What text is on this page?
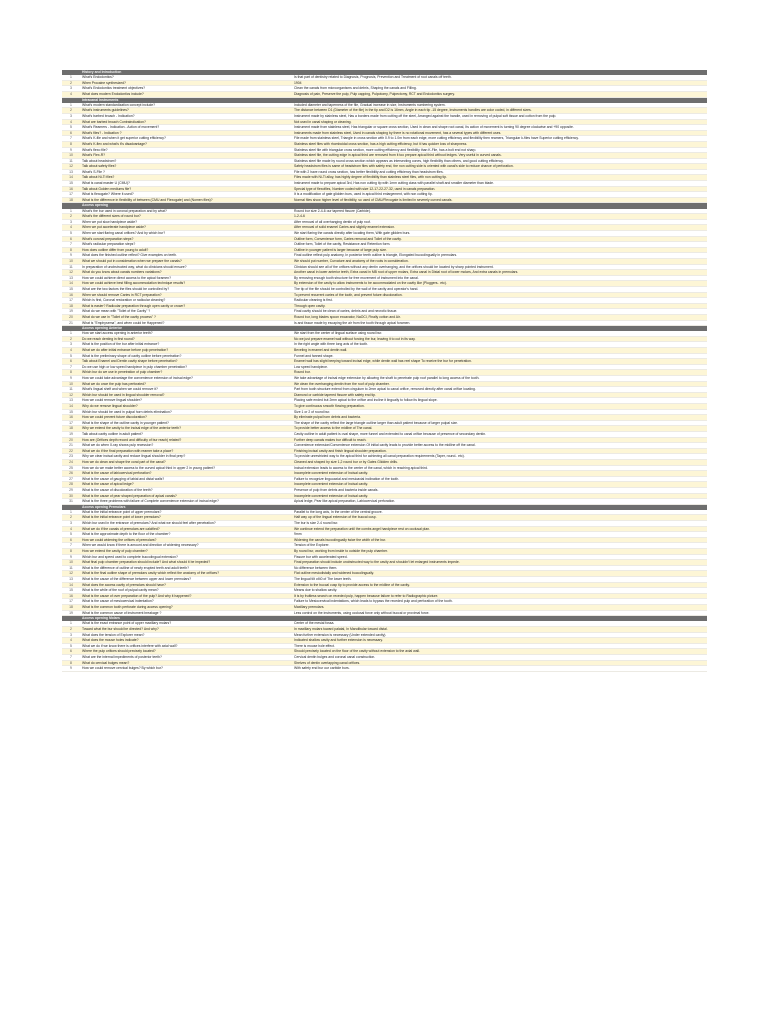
History and Introduction
1	What's Endodontics?	Is that part of dentistry related to Diagnosis, Prognosis, Prevention and Treatment of root canals off teeth.
2	When Procaine synthesized?	1904
3	What's Endodontics treatment objectives?	Clean the canals from microorganisms and debris, Shaping the canals and Filling.
4	What does modern Endodontics include?	Diagnosis of pain, Preserve the pulp, Pulp capping, Pulpotomy, Pulpectomy, RCT and Endodontics surgery.
Intracanal Instruments
1	What's modern standardization concept include?	Included diameter and taperness of the file, Gradual increase in size, Instruments numbering system.
2	What's instruments guidelines?	The distance between D1 (Diameter of the file) in the tip and D2 is 16mm, Angle in each tip -15 degree, Instruments handles are color coded, in different sizes.
3	What's barbed broach - Indication?	Instrument made by stainless steel, Has a borders made from cutting off the steel, Arranged against the handle, used in removing of pulpal soft tissue and cotton from the pulp.
4	What are barbed broach Contraindication?	Not used in canal shaping or cleaning.
5	What's Reamers - Indication - Action of movement?	Instrument made from stainless steel, Has triangular or square cross section, Used in clean and shape root canal, Its action of movement is turning 90 degree clockwise and +90 opposite.
6	What's files? - Indication ?	Instruments made from stainless steel, Used in canals shaping by there is no rotational movement, has a several types with different uses.
7	What's K-file and when it get superior cutting efficiency?	File made from stainless steel, Triangle in cross section with 0.9 to 1.0m from each edge, more cutting efficiency and flexibility then reamers, Triangular k-files have Superior cutting efficiency.
8	What's K-flex and what's it's disadvantage?	Stainless steel files with rhomboidal cross section, has a high cutting efficiency, but it has quicker loss of sharpness.
9	What's flexo file?	Stainless steel file with triangular cross section, more cutting efficiency and flexibility than K-File, has a bolt end not sharp.
10	What's Flex-R?	Stainless steel file, the cutting edge in apical third are removed from it too prepare apical third without ledges. Very useful in curved canals.
11	Talk about headstrom?	Stainless steel file made by round cross section which appears as intersecting cones, high flexibility than others, and good cutting efficiency.
12	Talk about safety files?	Safety headstrom files is same of headstrom files with safety end, the non cutting side is oriented with canal's side to reduce chance of perforation.
13	What's S-File ?	File with 2 have round cross section, has better flexibility and cutting efficiency than headstrom files.
14	Talk about Ni-Ti files?	Files made with Ni-Ti alloy, has highly degree of flexibility than stainless steel files, with non cutting tip.
15	What is canal master U (CMU)?	Instrument made to prepare apical 3rd, Has non cutting tip with 1mm cutting class with parallel shaft and smaller diameter than blade.
16	Talk about Golden mediums file?	Special type of flexofiles, Number coded with size 12-17-22-27-32, used in canals preparation.
17	What is flexogate? Where it used?	It is a modification of gate glidden burs, used in apical third enlargement, with non cutting tip.
18	What is the difference in flexibility of between (CMU and Flexogate) and (Nomen files)?	Normal files show higher level of flexibility, so used of CMU/Flexogate is limited in severely curved canals.
Access opening
1	What's the bur used in coronal preparation and by what?	Round bur size 2-4-6 our tapered fissure (Carbide).
2	What's the different sizes of round bur?	1-2-4-6
3	When we put slow handpiece aside?	After removal of all overhanging dentin of pulp roof.
4	When we put accelerate handpiece aside?	After removal of solid enamel Caries and slightly enamel extension.
5	When we start flaring canal orifices? And by which bur?	We start flaring the canals directly after locating them, With gate glidden burs.
6	What's coronal preparation steps?	Outline form, Convenience form, Caries removal and Toilet of the cavity.
7	What's radicular preparation steps?	Outline form, Toilet of the cavity, Resistance and Retention form.
8	How does outline differ from young to adult?	Outline in younger patient is larger because of large pulp size.
9	What does the finished outline reflect? Give examples on teeth.	Final outline reflect pulp anatomy, In posterior teeth outline is triangle, Elongated buccolingually in premolars.
10	What we should put in consideration when we prepare the canals?	We should put number, Curvature and anatomy of the roots in consideration.
11	In preparation of unobstructed way, what do clinicians should ensure?	Clinician should see all of the orifices without any dentin overhanging, and the orifices should be located by sharp pointed instrument.
12	What do you know about canals numbers variations?	Another canal in lower anterior teeth, Extra canal in MB root of upper molars, Extra canal in Distal root of lower molars, And extra canals in premolars.
13	How we could achieve direct access to the apical foramen?	By removing enough tooth structure for free movement of instrument into the canal.
14	How we could achieve best filling accommodation technique results?	By extension of the cavity to allow instruments to be accommodated on the cavity like (Pluggers.. etc).
15	What are the two factors the files should be controlled by?	The tip of the file should be controlled by the wall of the cavity and operator's hand.
16	When we should remove Caries in RCT preparation?	To prevent recurrent caries of the tooth, and prevent future discoloration.
17	Which is first, Coronal restoration or radicular cleaning?	Radicular cleaning is first.
18	What is easier? Radicular preparation through open cavity or crown?	Through open cavity.
19	What do we mean with "Toilet of the Cavity" ?	Final cavity should be clean of caries, debris and and necrotic tissue.
20	What do we use in "Toilet of the cavity process" ?	Round bur, long blades spoon excavator, NaOCl, Finally cotton and Air.
21	What is "Emphysema", and when could be Happened?	Is and tissue made by escaping the air from the tooth through apical foramen.
Access opening Anterior
1	How we start access opening in anterior teeth?	We start from the center of lingual surface using round bur.
2	Do we reach denting in first round?	No we just prepare enamel wall without forcing the bur, leaving it to cut in its way.
3	What is the position of the bur after initial entrance?	In the right angle with three long axis of the tooth.
4	What we do after initial entrance before pulp penetration?	Beveling in enamel and dentin wall.
5	What is the preliminary shape of cavity outline before penetration?	Funnel and fanned shape.
6	Talk about Enamel and Dentin cavity shape before penetration?	Enamel wall has slight beeping toward incisal edge, while dentin wall has reel shape To receive the bur for penetration.
7	Do we use high or low speed handpiece in pulp chamber penetration?	Low speed handpiece.
8	Which bur do we use in penetration of pulp chamber?	Round bur.
9	How we could take advantage the convenience extension of incisal edge?	We take advantage of incisal edge extension by allowing the shaft to penetrate pulp roof parallel to long access of the tooth.
10	What we do once the pulp has perforated?	We clean the overhanging dentin from the roof of pulp chamber.
11	What's lingual shelf and when we could remove it?	Part from tooth structure extend from cingulum to 2mm apical to canal orifice, removed directly after canal orifice locating.
12	Which bur should be used in lingual shoulder removal?	Diamond or carbide tapered fissure with safety end tip.
13	How we could remove lingual shoulder?	Placing safe ended but 2mm apical to the orifice and incline it lingually to follow its lingual slope.
14	Why do we remove lingual shoulder?	To give continuous smooth flowing preparation.
15	Which bur should be used in pulpal horn debris elimination?	Size 1 or 2 of round bur.
16	How we could prevent future discoloration?	By eliminate pulpal horn debris and bacteria.
17	What is the shape of the outline cavity in younger patient?	The shape of the cavity reflect the large triangle outline larger than adult patient because of larger pulpal size.
18	Why we extend the cavity to the incisal edge of the anterior teeth?	To provide better access to the midline of The canal.
19	Talk about cavity outline in adult patient?	Cavity outline in adult patient is oval shape, more funnel and extended to canal orifice because of presence of secondary dentin.
20	How are (Orifices depth record and difficulty of bur reach) related?	Further deep canals makes bur difficult to reach.
21	What we do when X-ray shows pulp recession?	Convenience extension/Convenience extension Of initial cavity leads to provide better access to the midline off the canal.
22	What we do if the final preparation with reamer take a place?	Finishing incisal cavity and finish lingual shoulder preparation.
23	Why we clear incisal cavity and reduce lingual shoulder in final prep?	To provide unrestricted way to the apical third for achieving all canal preparation requirements (Taper, round.. etc).
24	How we do clean and shape the coral part of the canal?	Cleaned and shaped by size 1,2 round bur or by Gates Glidden drills.
25	How we do we make better access to the curved apical third in upper 2 in young patient?	Incisal extension leads to access to the center of the canal, which in reaching apical third.
26	What is the cause of labiocervical perforation?	Incomplete convenient extension of Incisal cavity.
27	What is the cause of gauging of labial and distal walls?	Failure to recognize linguoaxial and mesioaxial inclination of the tooth.
28	What is the cause of apical ledge?	Incomplete convenient extension of Incisal cavity.
29	What is the cause of discoloration of the teeth?	Presence of pulp from debris and bacteria inside canals.
30	What is the cause of pear shaped preparation of apical canals?	Incomplete convenient extension of Incisal cavity.
31	What is the three problems with failure of Complete convenience extension of incisal edge?	Apical ledge, Pear like apical preparation, Labiocervical perforation.
Access opening Premolars
1	What is the initial entrance point of upper premolars?	Parallel to the long axis, In the center of the central groove.
2	What is the initial entrance point of lower premolars?	Half way up of the lingual extension of the buccal cusp.
3	Which bur used in the entrance of premolars? And what we should feel after penetration?	The bur is size 2-4 round bur.
4	What we do if the canals of premolars are calcified?	We continue extend the preparation until the combs angel handpiece rest on occlusal plan.
5	What is the approximate depth to the floor of the chamber?	9mm
6	How we could widening the orifices of premolars?	Widening the canals buccolingually twice the width of the bur.
7	When we would know if there is amount and direction of widening necessary?	Tension of the Explorer.
8	How we extend the cavity of pulp chamber?	By round bur, working from inside to outside the pulp chamber.
9	Which bur and speed used to complete buccolingual extension?	Fissure bur with accelerated speed.
10	What final pulp chamber preparation should include? And what should it be impeded?	Final preparation should include unobstructed way to the cavity and shouldn't let enlarged instruments impede.
11	What is the difference of outline of newly erupted teeth and adult teeth?	No difference between them.
12	What is the final outline shape of premolars cavity which reflect the anatomy of the orifices?	Flat outline mesiodistally and widened buccolingually.
13	What is the cause of the difference between upper and lower premolars?	The lingual tilt of40 of The lower teeth.
14	What does the access cavity of premolars should have?	Extension to the buccal cusp tip to provide access to the midline of the cavity.
15	What is the while of the roof of pulpal cavity mean?	Means due to shallow cavity.
16	What is the cause of over preparation of the pulp? And why it happened?	It is by fruitless search on receded pulp, happen because failure to refer to Radiographic picture.
17	What is the cause of mesiocervical indentation?	Failure to Mesiocervical indentations, which leads to bypass the receded pulp and perforation of the tooth.
18	What is the common tooth perforate during access opening?	Maxillary premolars.
19	What is the common cause of instrument breakage ?	Less control on the instruments, using occlusal force only without buccal or proximal force.
Access opening Molars
1	What is the exact entrance point of upper maxillary molars?	Center of the mesial fossa.
2	Toward what the bur should be directed? And why?	In maxillary molars toward palatal, In Mandibular toward distal.
3	What does the tension of Explorer mean?	Mean further extension is necessary (Under extended cavity).
4	What does the mouse holes indicate?	Indicated shallow cavity and further extension is necessary.
5	What we do if we know there is orifices interfere with axial wall?	There is mouse hole effect.
6	Where the pulp orifices should precisely located?	Should precisely located on the floor of the cavity without extension to the axial wall.
7	What are the internal impediments of posterior teeth?	Cervical dentin bulges and coronal canal construction.
8	What do cervical bulges mean?	Shelves of dentin overlapping canal orifices.
9	How we could remove cervical bulges? By which bur?	With safety end bur our carbide burs.
